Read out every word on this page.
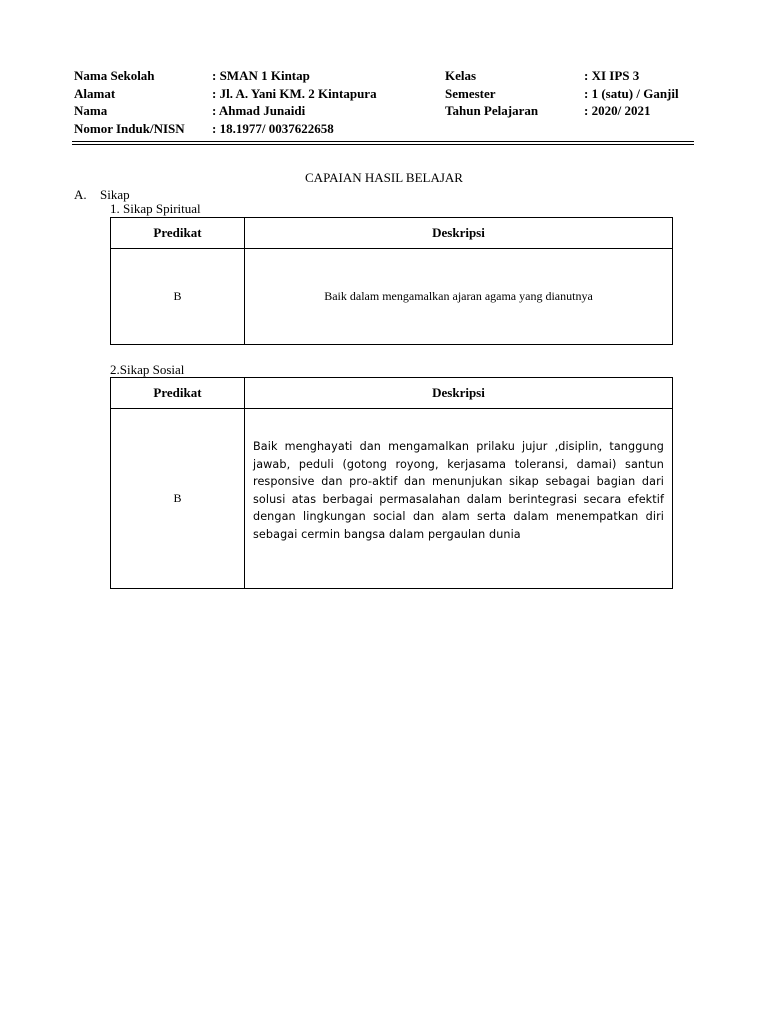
Nama Sekolah	: SMAN 1 Kintap	Kelas	: XI IPS 3
Alamat	: Jl. A. Yani KM. 2 Kintapura	Semester	: 1 (satu) / Ganjil
Nama	: Ahmad Junaidi	Tahun Pelajaran	: 2020/ 2021
Nomor Induk/NISN : 18.1977/ 0037622658
CAPAIAN HASIL BELAJAR
A. Sikap
1. Sikap Spiritual
Predikat	Deskripsi
B	Baik dalam mengamalkan ajaran agama yang dianutnya
2.Sikap Sosial
Predikat	Deskripsi
B	Baik menghayati dan mengamalkan prilaku jujur ,disiplin, tanggung jawab, peduli (gotong royong, kerjasama toleransi, damai) santun responsive dan pro-aktif dan menunjukan sikap sebagai bagian dari solusi atas berbagai permasalahan dalam berintegrasi secara efektif dengan lingkungan social dan alam serta dalam menempatkan diri sebagai cermin bangsa dalam pergaulan dunia
